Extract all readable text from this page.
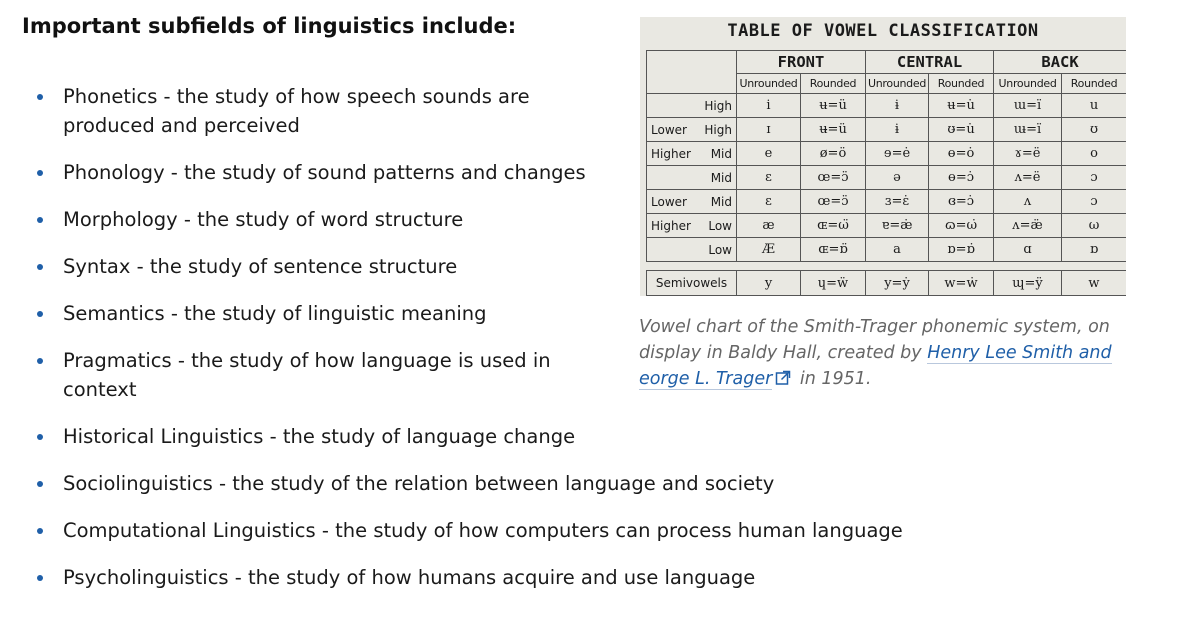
Important subfields of linguistics include:
Phonetics - the study of how speech sounds are produced and perceived
Phonology - the study of sound patterns and changes
Morphology - the study of word structure
Syntax - the study of sentence structure
Semantics - the study of linguistic meaning
Pragmatics - the study of how language is used in context
Historical Linguistics - the study of language change
Sociolinguistics - the study of the relation between language and society
Computational Linguistics - the study of how computers can process human language
Psycholinguistics - the study of how humans acquire and use language
TABLE OF VOWEL CLASSIFICATION
	FRONT		CENTRAL		BACK	
	Unrounded	Rounded	Unrounded	Rounded	Unrounded	Rounded

High	i	ʉ=ü	ɨ	ʉ=u̇	ɯ=ï	u
Lower High	ɪ	ʉ̵=ü	ɨ	ʊ̵=u̇	ɯ̵=ï	ʊ
Higher Mid	e	ø=ö	ɘ=ė	ɵ=ȯ	ɤ=ë	o

Mid	ɛ	œ=ɔ̈	ə	ɵ=ɔ̇	ʌ=ë	ɔ
Lower Mid	ɛ	œ=ɔ̈	ɜ=ɛ̇	ɞ=ɔ̇	ʌ	ɔ
Higher Low	æ	ɶ=ω̈	ɐ=æ̇	ɷ=ω̇	ʌ=æ̈	ω

Low	Æ	ɶ=ɒ̈	a	ɒ=ɒ̇	ɑ	ɒ
Semivowels	y	ɥ=ẅ	y=ẏ	w=ẇ	ɰ=ÿ	w

Vowel chart of the Smith-Trager phonemic system, on display in Baldy Hall, created by Henry Lee Smith and eorge L. Trager in 1951.
